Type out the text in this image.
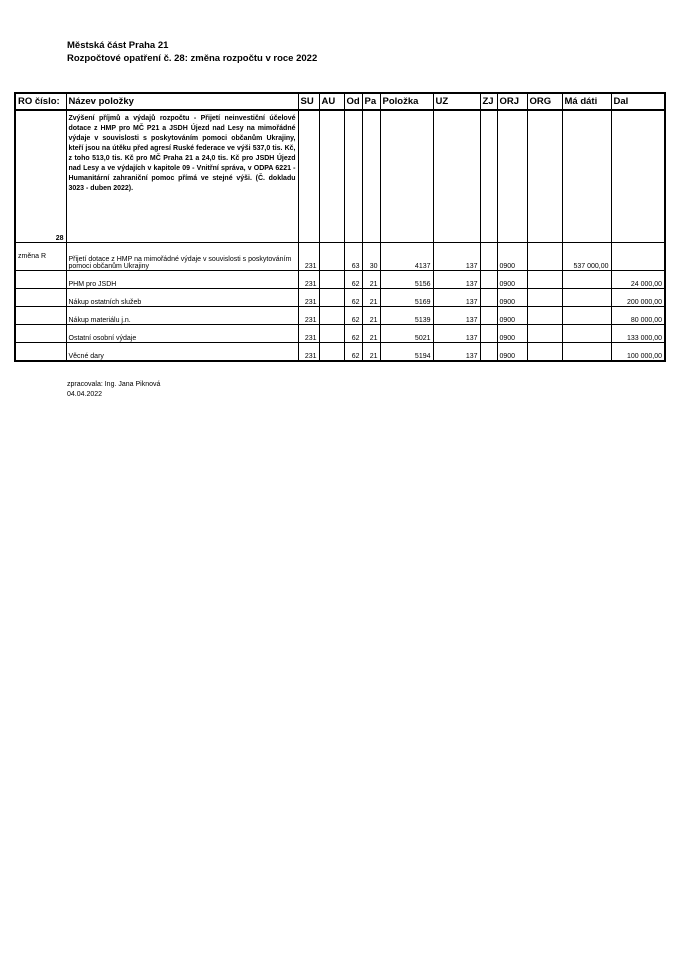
Městská část Praha 21
Rozpočtové opatření č. 28: změna rozpočtu v roce 2022
RO číslo:	Název položky	SU	AU	Od	Pa	Položka	UZ	ZJ	ORJ	ORG	Má dáti	Dal
28	Zvýšení příjmů a výdajů rozpočtu - Přijetí neinvestiční účelové dotace z HMP pro MČ P21 a JSDH Újezd nad Lesy na mimořádné výdaje v souvislosti s poskytováním pomoci občanům Ukrajiny, kteří jsou na útěku před agresí Ruské federace ve výši 537,0 tis. Kč, z toho 513,0 tis. Kč pro MČ Praha 21 a 24,0 tis. Kč pro JSDH Újezd nad Lesy a ve výdajích v kapitole 09 - Vnitřní správa, v ODPA 6221 - Humanitární zahraniční pomoc přímá ve stejné výši. (Č. dokladu 3023 - duben 2022).											
změna R	Přijetí dotace z HMP na mimořádné výdaje v souvislosti s poskytováním pomoci občanům Ukrajiny	231		63	30	4137	137		0900		537 000,00	
	PHM pro JSDH	231		62	21	5156	137		0900			24 000,00
	Nákup ostatních služeb	231		62	21	5169	137		0900			200 000,00
	Nákup materiálu j.n.	231		62	21	5139	137		0900			80 000,00
	Ostatní osobní výdaje	231		62	21	5021	137		0900			133 000,00
	Věcné dary	231		62	21	5194	137		0900			100 000,00
zpracovala: Ing. Jana Piknová
04.04.2022
